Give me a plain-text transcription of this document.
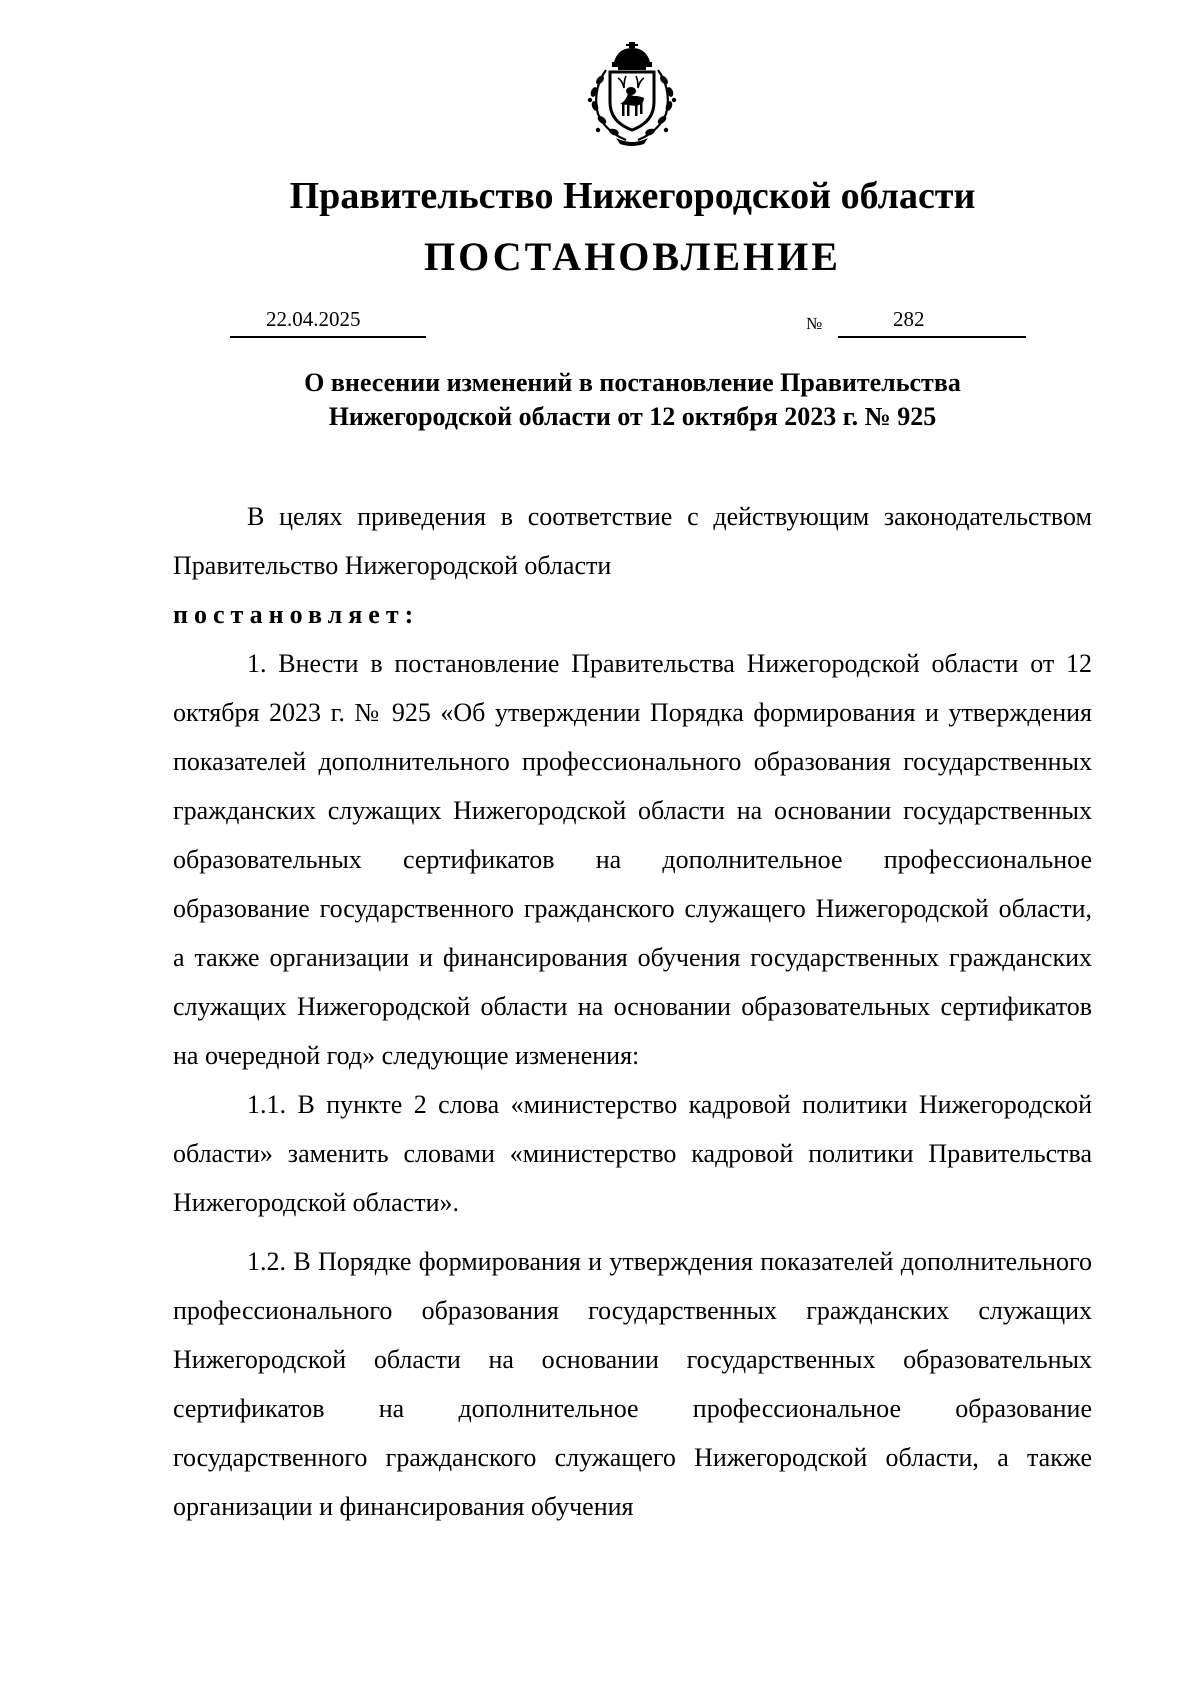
Правительство Нижегородской области
ПОСТАНОВЛЕНИЕ
22.04.2025	№	282
О внесении изменений в постановление Правительства
Нижегородской области от 12 октября 2023 г. № 925

В целях приведения в соответствие с действующим законодательством Правительство Нижегородской области
постановляет:

1. Внести в постановление Правительства Нижегородской области от 12 октября 2023 г. № 925 «Об утверждении Порядка формирования и утверждения показателей дополнительного профессионального образования государственных гражданских служащих Нижегородской области на основании государственных образовательных сертификатов на дополнительное профессиональное образование государственного гражданского служащего Нижегородской области, а также организации и финансирования обучения государственных гражданских служащих Нижегородской области на основании образовательных сертификатов на очередной год» следующие изменения:

1.1. В пункте 2 слова «министерство кадровой политики Нижегородской области» заменить словами «министерство кадровой политики Правительства Нижегородской области».

1.2. В Порядке формирования и утверждения показателей дополнительного профессионального образования государственных гражданских служащих Нижегородской области на основании государственных образовательных сертификатов на дополнительное профессиональное образование государственного гражданского служащего Нижегородской области, а также организации и финансирования обучения
